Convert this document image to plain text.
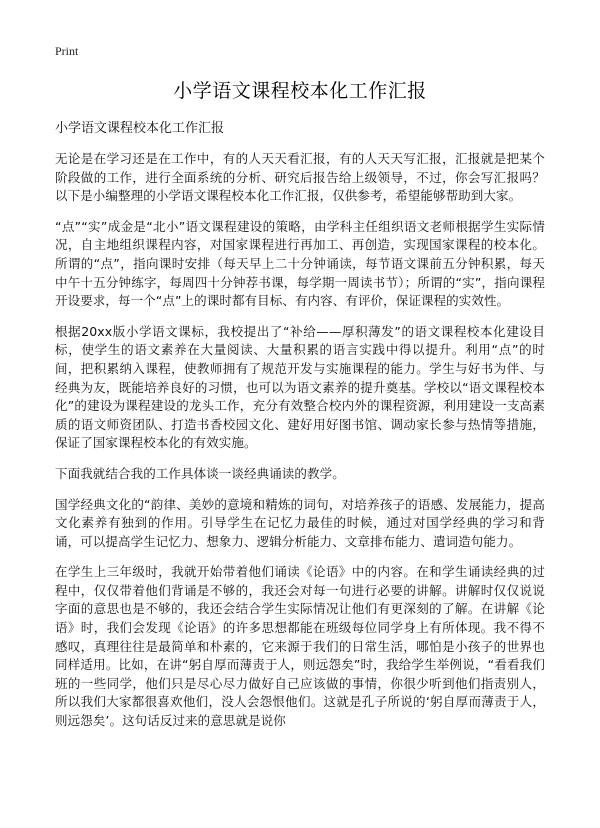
Print
小学语文课程校本化工作汇报

小学语文课程校本化工作汇报

无论是在学习还是在工作中，有的人天天看汇报，有的人天天写汇报，汇报就是把某个阶段做的工作，进行全面系统的分析、研究后报告给上级领导，不过，你会写汇报吗？以下是小编整理的小学语文课程校本化工作汇报，仅供参考，希望能够帮助到大家。

“点”“实”成金是“北小”语文课程建设的策略，由学科主任组织语文老师根据学生实际情况，自主地组织课程内容，对国家课程进行再加工、再创造，实现国家课程的校本化。所谓的“点”，指向课时安排（每天早上二十分钟诵读，每节语文课前五分钟积累，每天中午十五分钟练字，每周四十分钟荐书课，每学期一周读书节）；所谓的“实”，指向课程开设要求，每一个“点”上的课时都有目标、有内容、有评价，保证课程的实效性。

根据20xx版小学语文课标，我校提出了“补给——厚积薄发”的语文课程校本化建设目标，使学生的语文素养在大量阅读、大量积累的语言实践中得以提升。利用“点”的时间，把积累纳入课程，使教师拥有了规范开发与实施课程的能力。学生与好书为伴、与经典为友，既能培养良好的习惯，也可以为语文素养的提升奠基。学校以“语文课程校本化”的建设为课程建设的龙头工作，充分有效整合校内外的课程资源，利用建设一支高素质的语文师资团队、打造书香校园文化、建好用好图书馆、调动家长参与热情等措施，保证了国家课程校本化的有效实施。

下面我就结合我的工作具体谈一谈经典诵读的教学。

国学经典文化的“韵律、美妙的意境和精炼的词句，对培养孩子的语感、发展能力，提高文化素养有独到的作用。引导学生在记忆力最佳的时候，通过对国学经典的学习和背诵，可以提高学生记忆力、想象力、逻辑分析能力、文章排布能力、遣词造句能力。

在学生上三年级时，我就开始带着他们诵读《论语》中的内容。在和学生诵读经典的过程中，仅仅带着他们背诵是不够的，我还会对每一句进行必要的讲解。讲解时仅仅说说字面的意思也是不够的，我还会结合学生实际情况让他们有更深刻的了解。在讲解《论语》时，我们会发现《论语》的许多思想都能在班级每位同学身上有所体现。我不得不感叹，真理往往是最简单和朴素的，它来源于我们的日常生活，哪怕是小孩子的世界也同样适用。比如，在讲“躬自厚而薄责于人，则远怨矣”时，我给学生举例说，“看看我们班的一些同学，他们只是尽心尽力做好自己应该做的事情，你很少听到他们指责别人，所以我们大家都很喜欢他们，没人会怨恨他们。这就是孔子所说的‘躬自厚而薄责于人，则远怨矣’。这句话反过来的意思就是说你
